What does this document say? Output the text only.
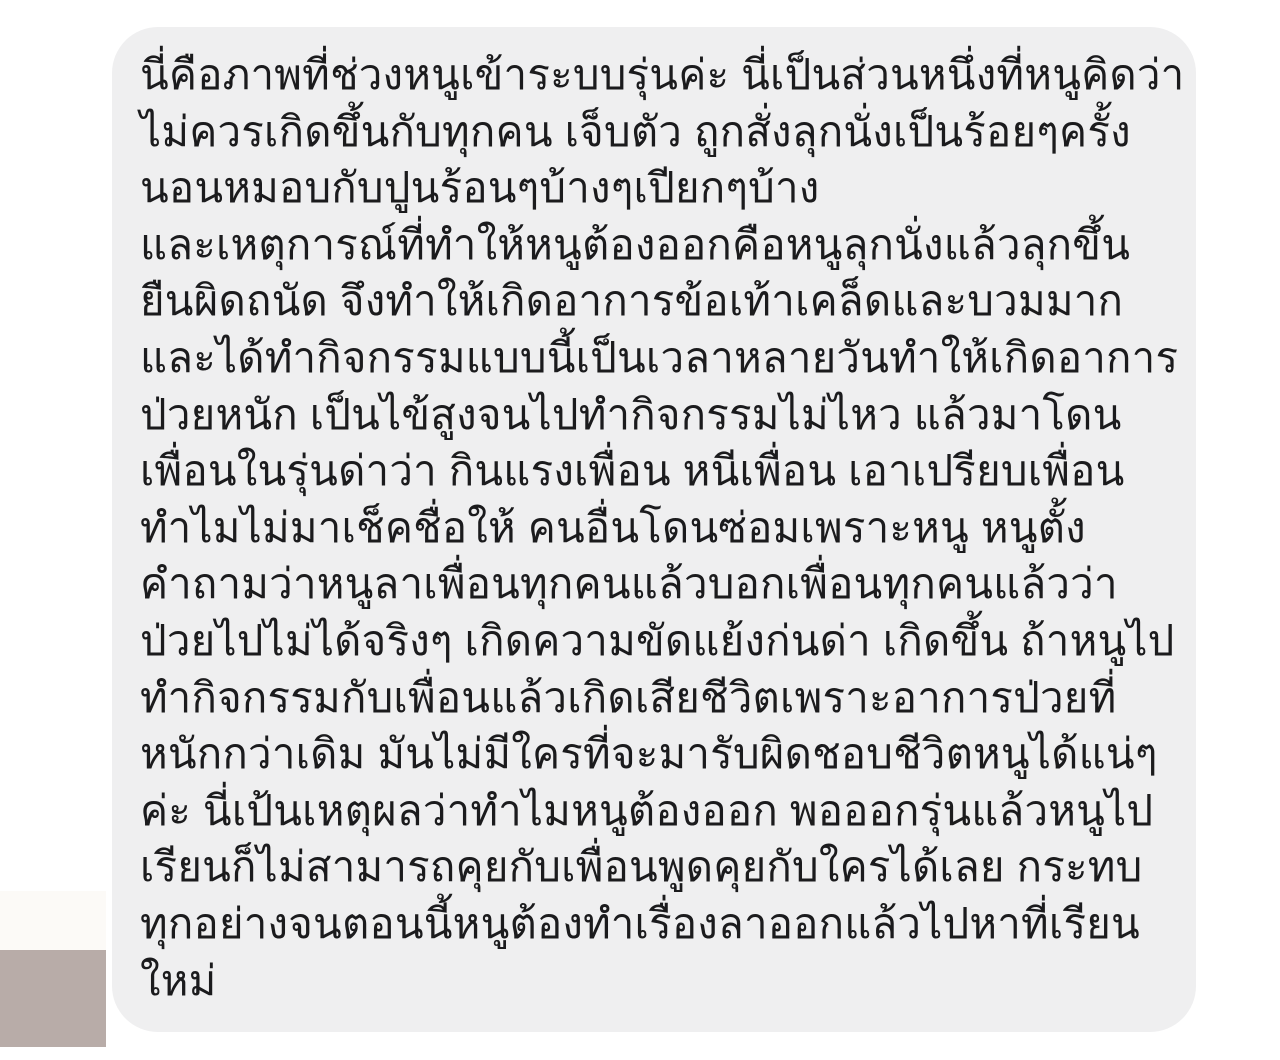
นี่คือภาพที่ช่วงหนูเข้าระบบรุ่นค่ะ นี่เป็นส่วนหนึ่งที่หนูคิดว่า
ไม่ควรเกิดขึ้นกับทุกคน เจ็บตัว ถูกสั่งลุกนั่งเป็นร้อยๆครั้ง
นอนหมอบกับปูนร้อนๆบ้างๆเปียกๆบ้าง
และเหตุการณ์ที่ทำให้หนูต้องออกคือหนูลุกนั่งแล้วลุกขึ้น
ยืนผิดถนัด จึงทำให้เกิดอาการข้อเท้าเคล็ดและบวมมาก
และได้ทำกิจกรรมแบบนี้เป็นเวลาหลายวันทำให้เกิดอาการ
ป่วยหนัก เป็นไข้สูงจนไปทำกิจกรรมไม่ไหว แล้วมาโดน
เพื่อนในรุ่นด่าว่า กินแรงเพื่อน หนีเพื่อน เอาเปรียบเพื่อน
ทำไมไม่มาเช็คชื่อให้ คนอื่นโดนซ่อมเพราะหนู หนูตั้ง
คำถามว่าหนูลาเพื่อนทุกคนแล้วบอกเพื่อนทุกคนแล้วว่า
ป่วยไปไม่ได้จริงๆ เกิดความขัดแย้งก่นด่า เกิดขึ้น ถ้าหนูไป
ทำกิจกรรมกับเพื่อนแล้วเกิดเสียชีวิตเพราะอาการป่วยที่
หนักกว่าเดิม มันไม่มีใครที่จะมารับผิดชอบชีวิตหนูได้แน่ๆ
ค่ะ นี่เป้นเหตุผลว่าทำไมหนูต้องออก พอออกรุ่นแล้วหนูไป
เรียนก็ไม่สามารถคุยกับเพื่อนพูดคุยกับใครได้เลย กระทบ
ทุกอย่างจนตอนนี้หนูต้องทำเรื่องลาออกแล้วไปหาที่เรียน
ใหม่
